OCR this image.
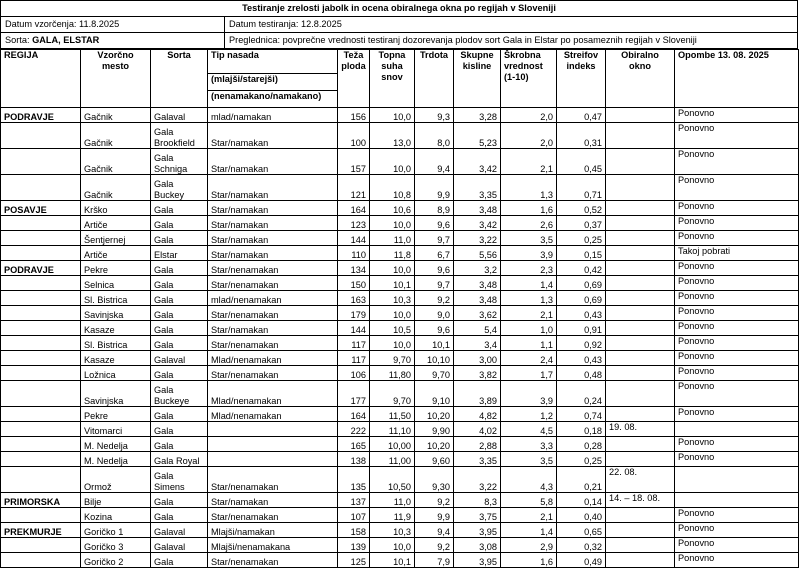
Testiranje zrelosti jabolk in ocena obiralnega okna po regijah v Sloveniji
Datum vzorčenja: 11.8.2025	Datum testiranja: 12.8.2025
Sorta: GALA, ELSTAR	Preglednica: povprečne vrednosti testiranj dozorevanja plodov sort Gala in Elstar po posameznih regijah v Sloveniji
REGIJA	Vzorčno mesto	Sorta	Tip nasada	Teža ploda	Topna suha snov	Trdota	Skupne kisline	Škrobna vrednost (1-10)	Streifov indeks	Obiralno okno	Opombe 13. 08. 2025
			(mlajši/starejši)								
			(nenamakano/namakano)								
PODRAVJE	Gačnik	Galaval	mlad/namakan	156	10,0	9,3	3,28	2,0	0,47		Ponovno
	Gačnik	Gala Brookfield	Star/namakan	100	13,0	8,0	5,23	2,0	0,31		Ponovno
	Gačnik	Gala Schniga	Star/namakan	157	10,0	9,4	3,42	2,1	0,45		Ponovno
	Gačnik	Gala Buckey	Star/namakan	121	10,8	9,9	3,35	1,3	0,71		Ponovno
POSAVJE	Krško	Gala	Star/namakan	164	10,6	8,9	3,48	1,6	0,52		Ponovno
	Artiče	Gala	Star/namakan	123	10,0	9,6	3,42	2,6	0,37		Ponovno
	Šentjernej	Gala	Star/namakan	144	11,0	9,7	3,22	3,5	0,25		Ponovno
	Artiče	Elstar	Star/namakan	110	11,8	6,7	5,56	3,9	0,15		Takoj pobrati
PODRAVJE	Pekre	Gala	Star/nenamakan	134	10,0	9,6	3,2	2,3	0,42		Ponovno
	Selnica	Gala	Star/nenamakan	150	10,1	9,7	3,48	1,4	0,69		Ponovno
	Sl. Bistrica	Gala	mlad/nenamakan	163	10,3	9,2	3,48	1,3	0,69		Ponovno
	Savinjska	Gala	Star/nenamakan	179	10,0	9,0	3,62	2,1	0,43		Ponovno
	Kasaze	Gala	Star/namakan	144	10,5	9,6	5,4	1,0	0,91		Ponovno
	Sl. Bistrica	Gala	Star/nenamakan	117	10,0	10,1	3,4	1,1	0,92		Ponovno
	Kasaze	Galaval	Mlad/nenamakan	117	9,70	10,10	3,00	2,4	0,43		Ponovno
	Ložnica	Gala	Star/nenamakan	106	11,80	9,70	3,82	1,7	0,48		Ponovno
	Savinjska	Gala Buckeye	Mlad/nenamakan	177	9,70	9,10	3,89	3,9	0,24		Ponovno
	Pekre	Gala	Mlad/nenamakan	164	11,50	10,20	4,82	1,2	0,74		Ponovno
	Vitomarci	Gala		222	11,10	9,90	4,02	4,5	0,18	19. 08.	
	M. Nedelja	Gala		165	10,00	10,20	2,88	3,3	0,28		Ponovno
	M. Nedelja	Gala Royal		138	11,00	9,60	3,35	3,5	0,25		Ponovno
	Ormož	Gala Simens	Star/nenamakan	135	10,50	9,30	3,22	4,3	0,21	22. 08.	
PRIMORSKA	Bilje	Gala	Star/namakan	137	11,0	9,2	8,3	5,8	0,14	14. – 18. 08.	
	Kozina	Gala	Star/nenamakan	107	11,9	9,9	3,75	2,1	0,40		Ponovno
PREKMURJE	Goričko 1	Galaval	Mlajši/namakan	158	10,3	9,4	3,95	1,4	0,65		Ponovno
	Goričko 3	Galaval	Mlajši/nenamakana	139	10,0	9,2	3,08	2,9	0,32		Ponovno
	Goričko 2	Gala	Star/nenamakan	125	10,1	7,9	3,95	1,6	0,49		Ponovno
